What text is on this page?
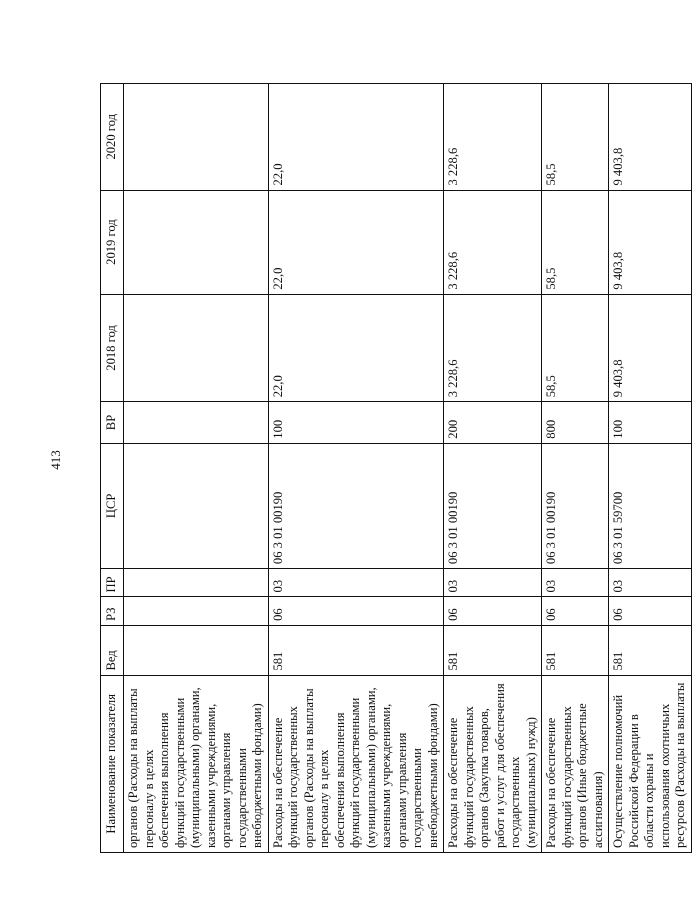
413
Наименование показателя	Вед	РЗ	ПР	ЦСР	ВР	2018 год	2019 год	2020 год
органов (Расходы на выплаты персоналу в целях обеспечения выполнения функций государственными (муниципальными) органами, казенными учреждениями, органами управления государственными внебюджетными фондами)								
Расходы на обеспечение функций государственных органов (Расходы на выплаты персоналу в целях обеспечения выполнения функций государственными (муниципальными) органами, казенными учреждениями, органами управления государственными внебюджетными фондами)	581	06	03	06 3 01 00190	100	22,0	22,0	22,0
Расходы на обеспечение функций государственных органов (Закупка товаров, работ и услуг для обеспечения государственных (муниципальных) нужд)	581	06	03	06 3 01 00190	200	3 228,6	3 228,6	3 228,6
Расходы на обеспечение функций государственных органов (Иные бюджетные ассигнования)	581	06	03	06 3 01 00190	800	58,5	58,5	58,5
Осуществление полномочий Российской Федерации в области охраны и использования охотничьих ресурсов (Расходы на выплаты	581	06	03	06 3 01 59700	100	9 403,8	9 403,8	9 403,8
